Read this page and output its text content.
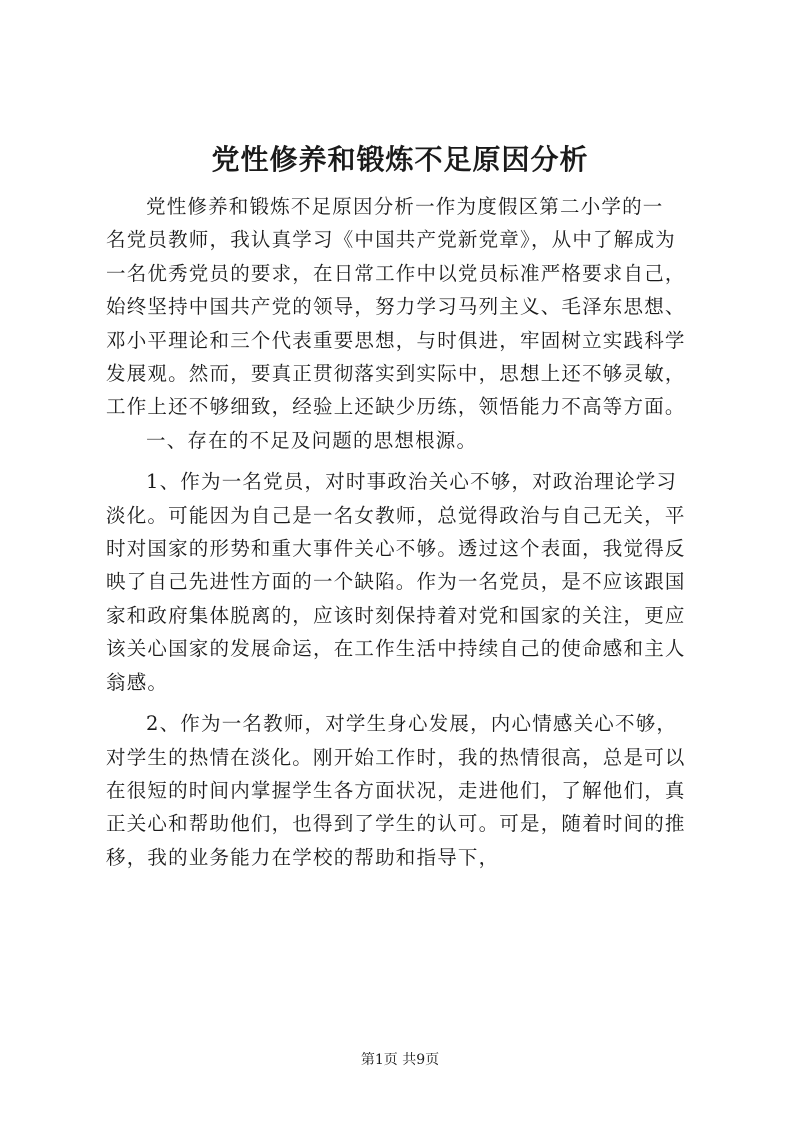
党性修养和锻炼不足原因分析

党性修养和锻炼不足原因分析一作为度假区第二小学的一
名党员教师，我认真学习《中国共产党新党章》，从中了解成为
一名优秀党员的要求，在日常工作中以党员标准严格要求自己，
始终坚持中国共产党的领导，努力学习马列主义、毛泽东思想、
邓小平理论和三个代表重要思想，与时俱进，牢固树立实践科学
发展观。然而，要真正贯彻落实到实际中，思想上还不够灵敏，
工作上还不够细致，经验上还缺少历练，领悟能力不高等方面。

一、存在的不足及问题的思想根源。

1、作为一名党员，对时事政治关心不够，对政治理论学习
淡化。可能因为自己是一名女教师，总觉得政治与自己无关，平
时对国家的形势和重大事件关心不够。透过这个表面，我觉得反
映了自己先进性方面的一个缺陷。作为一名党员，是不应该跟国
家和政府集体脱离的，应该时刻保持着对党和国家的关注，更应
该关心国家的发展命运，在工作生活中持续自己的使命感和主人
翁感。

2、作为一名教师，对学生身心发展，内心情感关心不够，
对学生的热情在淡化。刚开始工作时，我的热情很高，总是可以
在很短的时间内掌握学生各方面状况，走进他们，了解他们，真
正关心和帮助他们，也得到了学生的认可。可是，随着时间的推
移，我的业务能力在学校的帮助和指导下，

第1页 共9页
